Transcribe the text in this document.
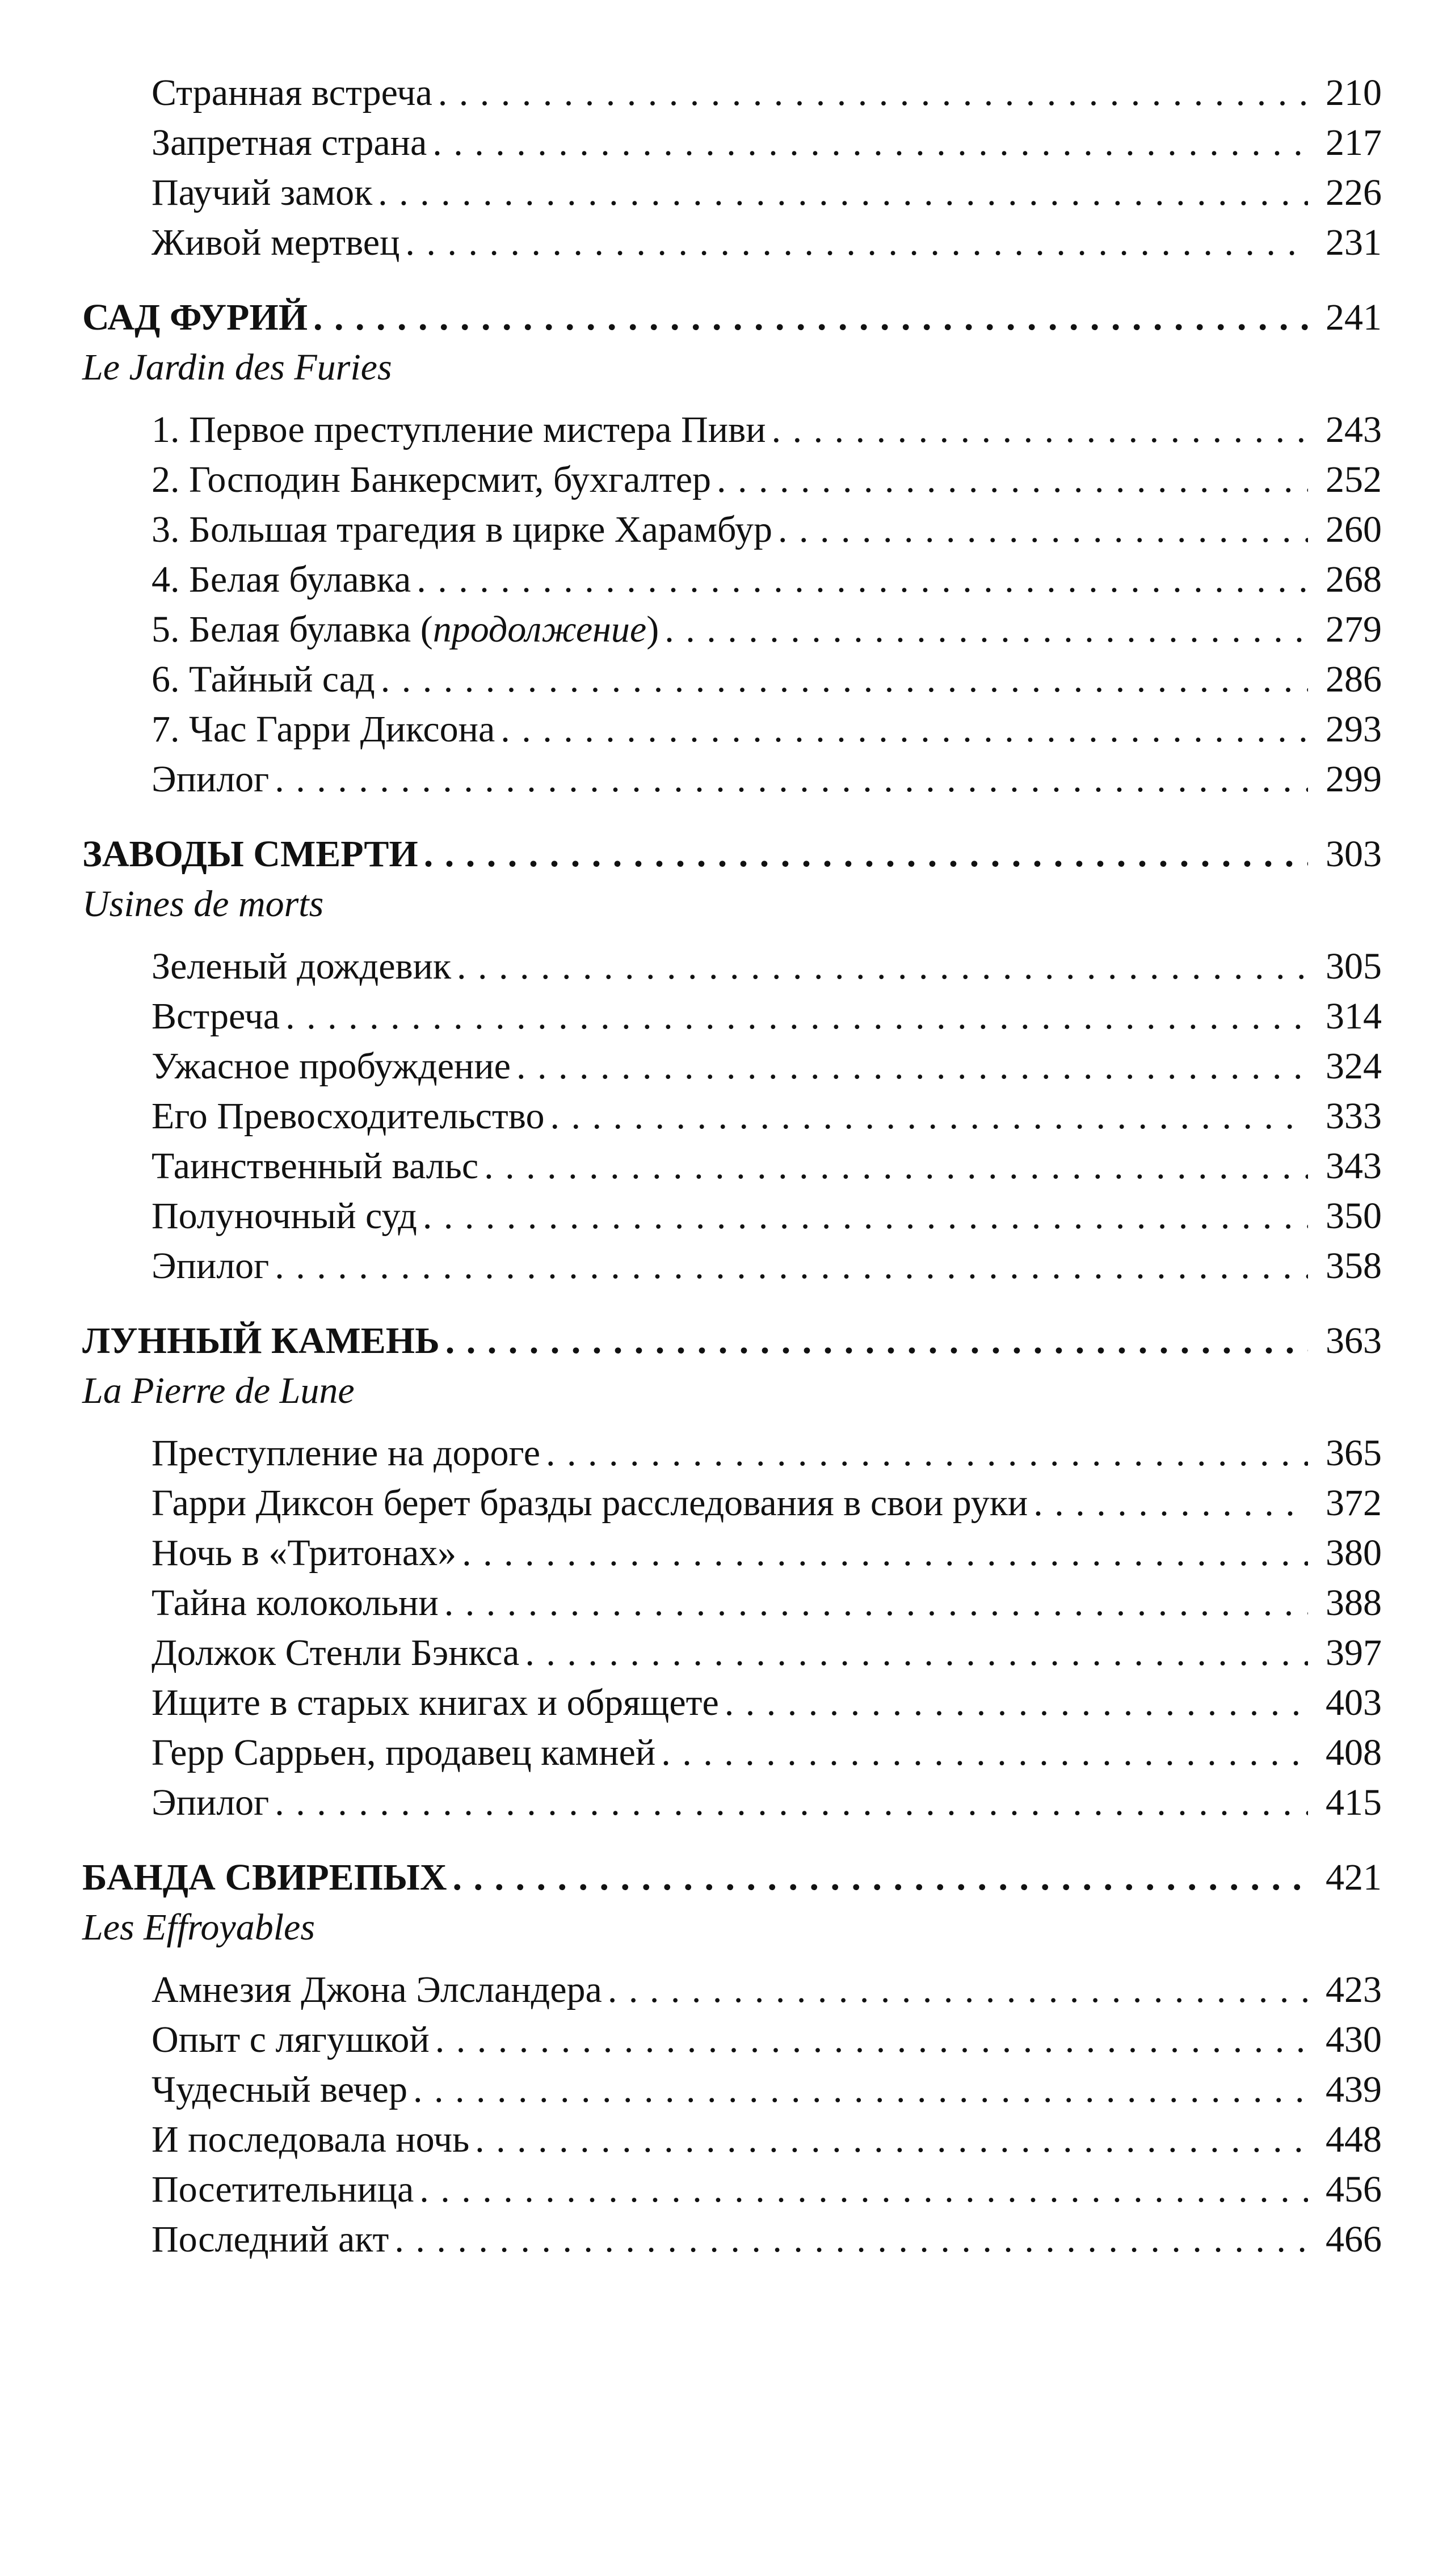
Странная встреча . . .	210
Запретная страна . . .	217
Паучий замок . . .	226
Живой мертвец . . .	231
САД ФУРИЙ . . .	241
Le Jardin des Furies
1. Первое преступление мистера Пиви . . .	243
2. Господин Банкерсмит, бухгалтер . . .	252
3. Большая трагедия в цирке Харамбур . . .	260
4. Белая булавка . . .	268
5. Белая булавка (продолжение) . . .	279
6. Тайный сад . . .	286
7. Час Гарри Диксона . . .	293
Эпилог . . .	299
ЗАВОДЫ СМЕРТИ . . .	303
Usines de morts
Зеленый дождевик . . .	305
Встреча . . .	314
Ужасное пробуждение . . .	324
Его Превосходительство . . .	333
Таинственный вальс . . .	343
Полуночный суд . . .	350
Эпилог . . .	358
ЛУННЫЙ КАМЕНЬ . . .	363
La Pierre de Lune
Преступление на дороге . . .	365
Гарри Диксон берет бразды расследования в свои руки . . .	372
Ночь в «Тритонах» . . .	380
Тайна колокольни . . .	388
Должок Стенли Бэнкса . . .	397
Ищите в старых книгах и обрящете . . .	403
Герр Саррьен, продавец камней . . .	408
Эпилог . . .	415
БАНДА СВИРЕПЫХ . . .	421
Les Effroyables
Амнезия Джона Элсландера . . .	423
Опыт с лягушкой . . .	430
Чудесный вечер . . .	439
И последовала ночь . . .	448
Посетительница . . .	456
Последний акт . . .	466
